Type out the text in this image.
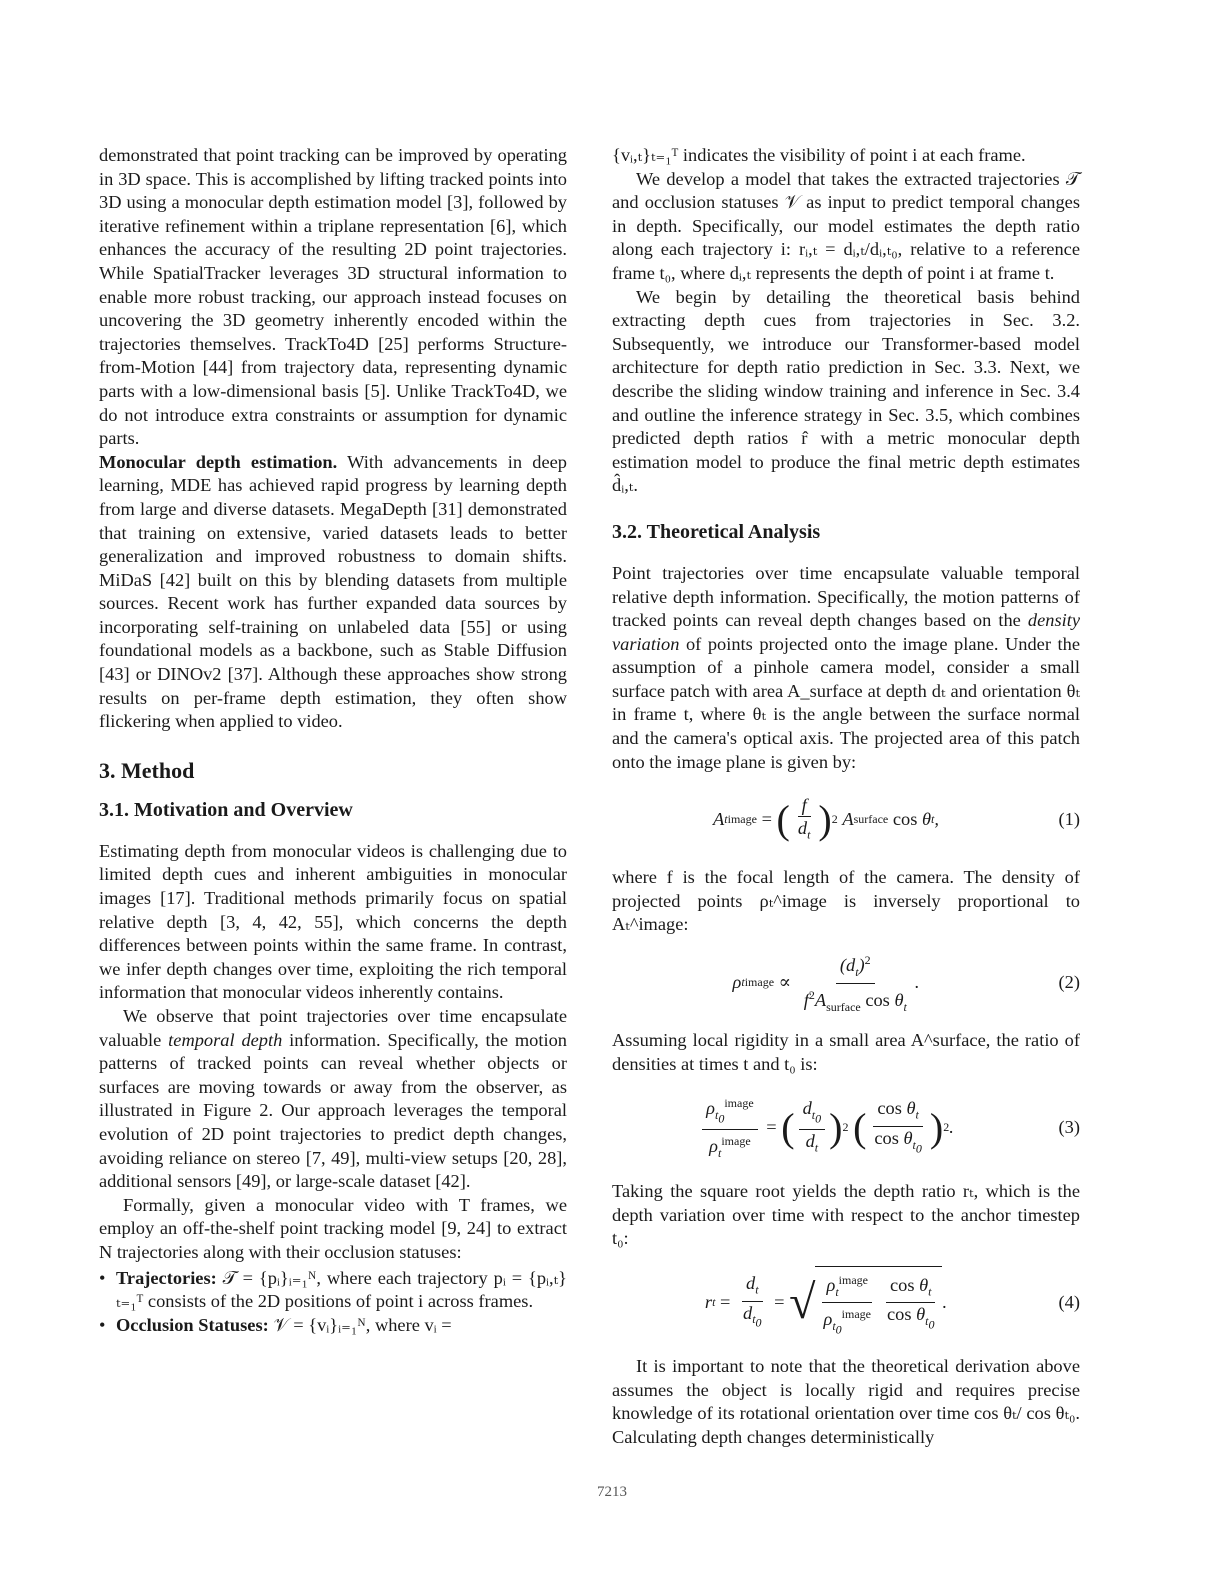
demonstrated that point tracking can be improved by operating in 3D space. This is accomplished by lifting tracked points into 3D using a monocular depth estimation model [3], followed by iterative refinement within a triplane representation [6], which enhances the accuracy of the resulting 2D point trajectories. While SpatialTracker leverages 3D structural information to enable more robust tracking, our approach instead focuses on uncovering the 3D geometry inherently encoded within the trajectories themselves. TrackTo4D [25] performs Structure-from-Motion [44] from trajectory data, representing dynamic parts with a low-dimensional basis [5]. Unlike TrackTo4D, we do not introduce extra constraints or assumption for dynamic parts.

Monocular depth estimation. With advancements in deep learning, MDE has achieved rapid progress by learning depth from large and diverse datasets. MegaDepth [31] demonstrated that training on extensive, varied datasets leads to better generalization and improved robustness to domain shifts. MiDaS [42] built on this by blending datasets from multiple sources. Recent work has further expanded data sources by incorporating self-training on unlabeled data [55] or using foundational models as a backbone, such as Stable Diffusion [43] or DINOv2 [37]. Although these approaches show strong results on per-frame depth estimation, they often show flickering when applied to video.

3. Method
3.1. Motivation and Overview

Estimating depth from monocular videos is challenging due to limited depth cues and inherent ambiguities in monocular images [17]. Traditional methods primarily focus on spatial relative depth [3, 4, 42, 55], which concerns the depth differences between points within the same frame. In contrast, we infer depth changes over time, exploiting the rich temporal information that monocular videos inherently contains.

We observe that point trajectories over time encapsulate valuable temporal depth information. Specifically, the motion patterns of tracked points can reveal whether objects or surfaces are moving towards or away from the observer, as illustrated in Figure 2. Our approach leverages the temporal evolution of 2D point trajectories to predict depth changes, avoiding reliance on stereo [7, 49], multi-view setups [20, 28], additional sensors [49], or large-scale dataset [42].

Formally, given a monocular video with T frames, we employ an off-the-shelf point tracking model [9, 24] to extract N trajectories along with their occlusion statuses:

• Trajectories: 𝒯 = {pᵢ}ᵢ₌₁ᴺ, where each trajectory pᵢ = {pᵢ,ₜ}ₜ₌₁ᵀ consists of the 2D positions of point i across frames.
• Occlusion Statuses: 𝒱 = {vᵢ}ᵢ₌₁ᴺ, where vᵢ =

{vᵢ,ₜ}ₜ₌₁ᵀ indicates the visibility of point i at each frame.

We develop a model that takes the extracted trajectories 𝒯 and occlusion statuses 𝒱 as input to predict temporal changes in depth. Specifically, our model estimates the depth ratio along each trajectory i: rᵢ,ₜ = dᵢ,ₜ/dᵢ,ₜ₀, relative to a reference frame t₀, where dᵢ,ₜ represents the depth of point i at frame t.

We begin by detailing the theoretical basis behind extracting depth cues from trajectories in Sec. 3.2. Subsequently, we introduce our Transformer-based model architecture for depth ratio prediction in Sec. 3.3. Next, we describe the sliding window training and inference in Sec. 3.4 and outline the inference strategy in Sec. 3.5, which combines predicted depth ratios r̂ with a metric monocular depth estimation model to produce the final metric depth estimates d̂ᵢ,ₜ.

3.2. Theoretical Analysis

Point trajectories over time encapsulate valuable temporal relative depth information. Specifically, the motion patterns of tracked points can reveal depth changes based on the density variation of points projected onto the image plane. Under the assumption of a pinhole camera model, consider a small surface patch with area A_surface at depth dₜ and orientation θₜ in frame t, where θₜ is the angle between the surface normal and the camera's optical axis. The projected area of this patch onto the image plane is given by:

A t image
=
( $\frac{f}{d_t}$ ) 2 A surface
cos θ t ,	(1)

where f is the focal length of the camera. The density of projected points ρₜ^image is inversely proportional to Aₜ^image:

ρ t image
∝
$\frac{(d_t)^2}{f^2A_{surface} \cos \theta_t}$ .	(2)

Assuming local rigidity in a small area A^surface, the ratio of densities at times t and t₀ is:

$\frac{\rho_{t_0}^{image}}{\rho_t^{image}}$
=
( $\frac{d_{t_0}}{d_t}$ ) 2
( $\frac{\cos \theta_t}{\cos \theta_{t_0}}$ ) 2 .	(3)

Taking the square root yields the depth ratio rₜ, which is the depth variation over time with respect to the anchor timestep t₀:

r t
=
$\frac{d_t}{d_{t_0}}$
=
√ $\frac{\rho_t^{image}}{\rho_{t_0}^{image}} \frac{\cos \theta_t}{\cos \theta_{t_0}}$ .	(4)

It is important to note that the theoretical derivation above assumes the object is locally rigid and requires precise knowledge of its rotational orientation over time cos θₜ/ cos θₜ₀. Calculating depth changes deterministically

7213
